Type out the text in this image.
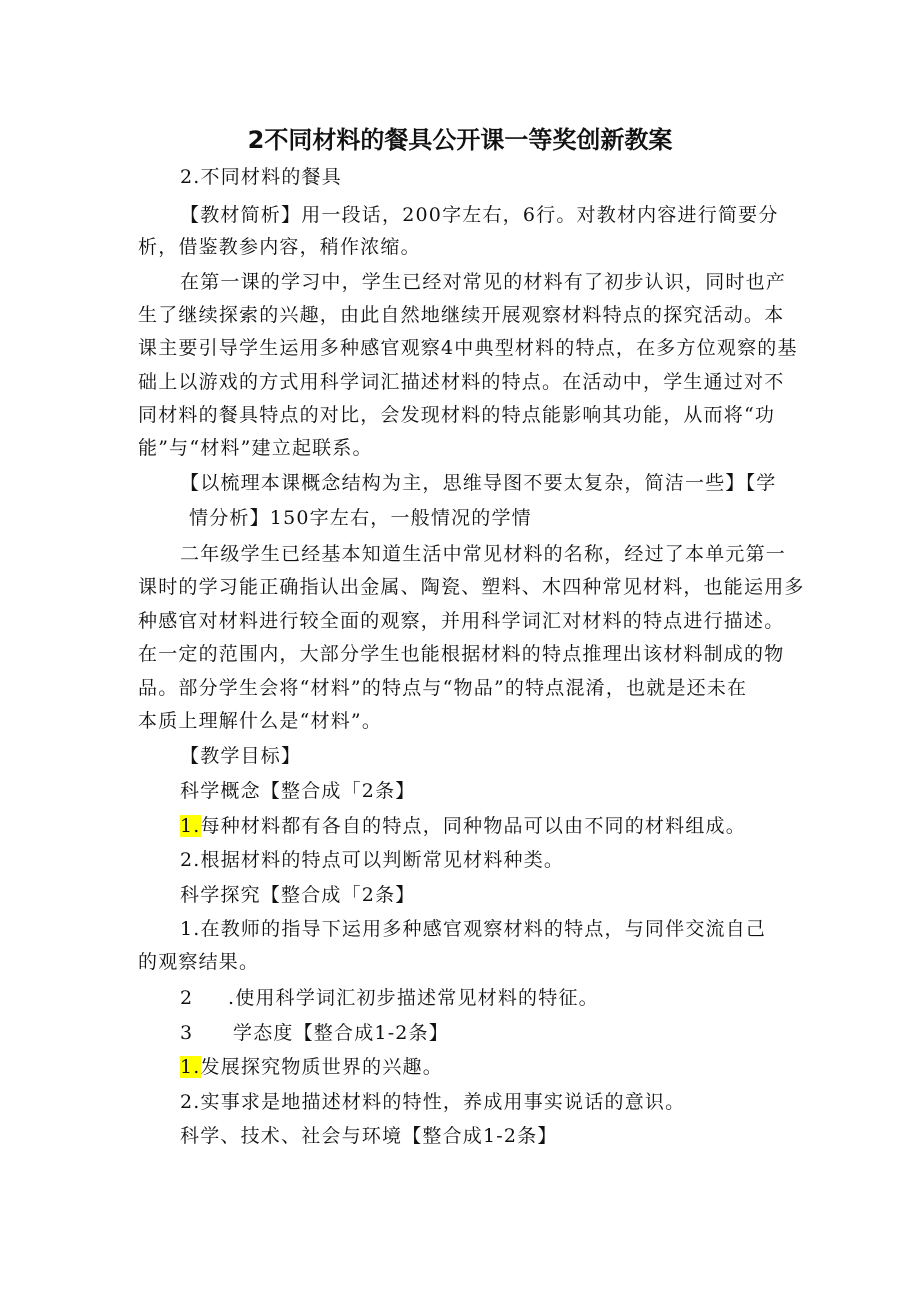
2不同材料的餐具公开课一等奖创新教案
2.不同材料的餐具
【教材简析】用一段话，200字左右，6行。对教材内容进行简要分
析，借鉴教参内容，稍作浓缩。
在第一课的学习中，学生已经对常见的材料有了初步认识，同时也产
生了继续探索的兴趣，由此自然地继续开展观察材料特点的探究活动。本
课主要引导学生运用多种感官观察4中典型材料的特点，在多方位观察的基
础上以游戏的方式用科学词汇描述材料的特点。在活动中，学生通过对不
同材料的餐具特点的对比，会发现材料的特点能影响其功能，从而将“功
能”与“材料”建立起联系。
【以梳理本课概念结构为主，思维导图不要太复杂，简洁一些】【学
情分析】150字左右，一般情况的学情
二年级学生已经基本知道生活中常见材料的名称，经过了本单元第一
课时的学习能正确指认出金属、陶瓷、塑料、木四种常见材料，也能运用多
种感官对材料进行较全面的观察，并用科学词汇对材料的特点进行描述。
在一定的范围内，大部分学生也能根据材料的特点推理出该材料制成的物
品。部分学生会将“材料”的特点与“物品”的特点混淆，也就是还未在
本质上理解什么是“材料”。
【教学目标】
科学概念【整合成「2条】
1.每种材料都有各自的特点，同种物品可以由不同的材料组成。
2.根据材料的特点可以判断常见材料种类。
科学探究【整合成「2条】
1.在教师的指导下运用多种感官观察材料的特点，与同伴交流自己
的观察结果。
2 .使用科学词汇初步描述常见材料的特征。
3 学态度【整合成1-2条】
1.发展探究物质世界的兴趣。
2.实事求是地描述材料的特性，养成用事实说话的意识。
科学、技术、社会与环境【整合成1-2条】
